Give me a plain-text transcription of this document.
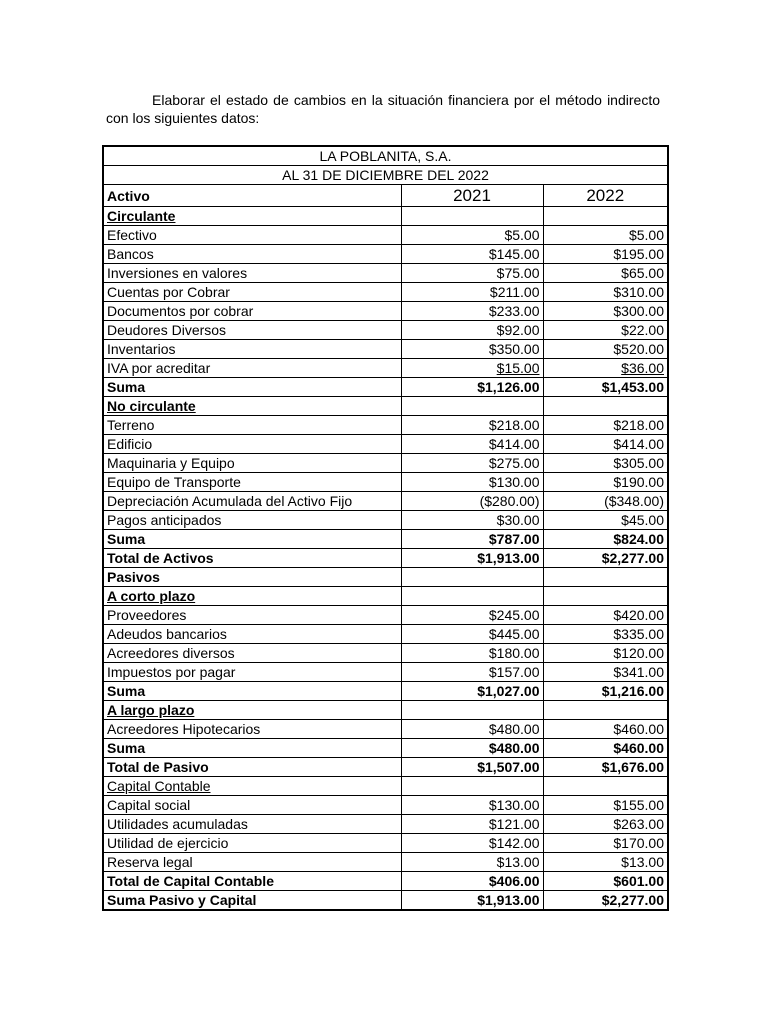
Elaborar el estado de cambios en la situación financiera por el método indirecto con los siguientes datos:

LA POBLANITA, S.A.		
AL 31 DE DICIEMBRE DEL 2022		
Activo	2021	2022
Circulante		
Efectivo	$5.00	$5.00
Bancos	$145.00	$195.00
Inversiones en valores	$75.00	$65.00
Cuentas por Cobrar	$211.00	$310.00
Documentos por cobrar	$233.00	$300.00
Deudores Diversos	$92.00	$22.00
Inventarios	$350.00	$520.00
IVA por acreditar	$15.00	$36.00
Suma	$1,126.00	$1,453.00
No circulante		
Terreno	$218.00	$218.00
Edificio	$414.00	$414.00
Maquinaria y Equipo	$275.00	$305.00
Equipo de Transporte	$130.00	$190.00
Depreciación Acumulada del Activo Fijo	($280.00)	($348.00)
Pagos anticipados	$30.00	$45.00
Suma	$787.00	$824.00
Total de Activos	$1,913.00	$2,277.00
Pasivos		
A corto plazo		
Proveedores	$245.00	$420.00
Adeudos bancarios	$445.00	$335.00
Acreedores diversos	$180.00	$120.00
Impuestos por pagar	$157.00	$341.00
Suma	$1,027.00	$1,216.00
A largo plazo		
Acreedores Hipotecarios	$480.00	$460.00
Suma	$480.00	$460.00
Total de Pasivo	$1,507.00	$1,676.00
Capital Contable		
Capital social	$130.00	$155.00
Utilidades acumuladas	$121.00	$263.00
Utilidad de ejercicio	$142.00	$170.00
Reserva legal	$13.00	$13.00
Total de Capital Contable	$406.00	$601.00
Suma Pasivo y Capital	$1,913.00	$2,277.00
